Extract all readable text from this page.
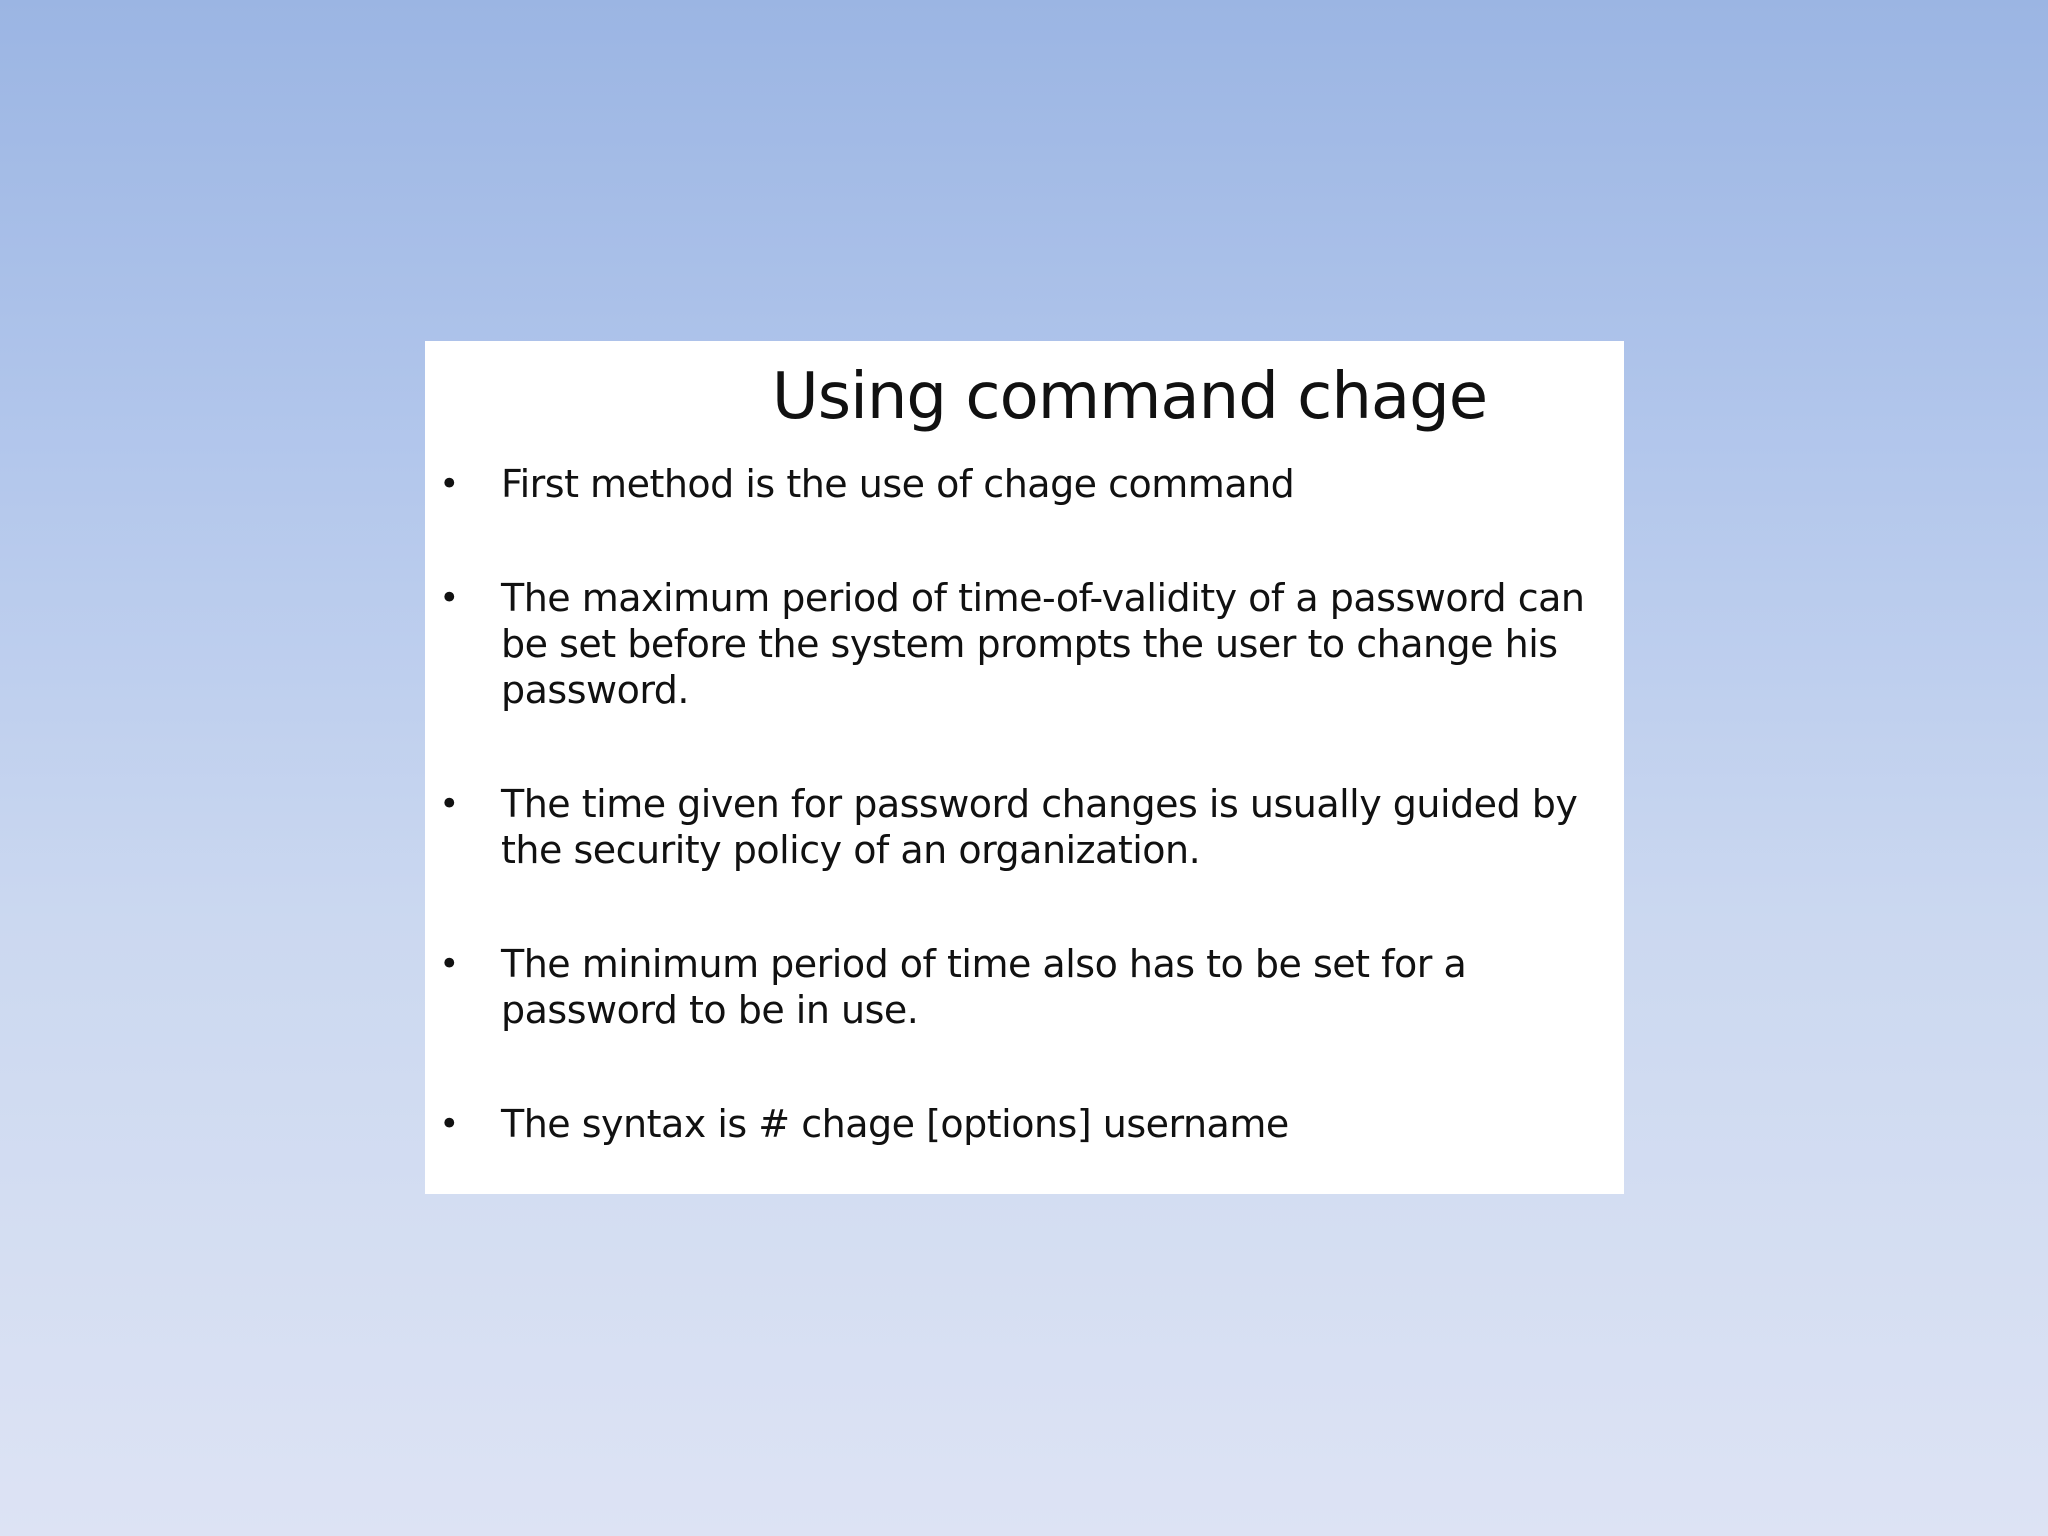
Using command chage
• First method is the use of chage command
• The maximum period of time-of-validity of a password can be set before the system prompts the user to change his password.
• The time given for password changes is usually guided by the security policy of an organization.
• The minimum period of time also has to be set for a password to be in use.
• The syntax is # chage [options] username
